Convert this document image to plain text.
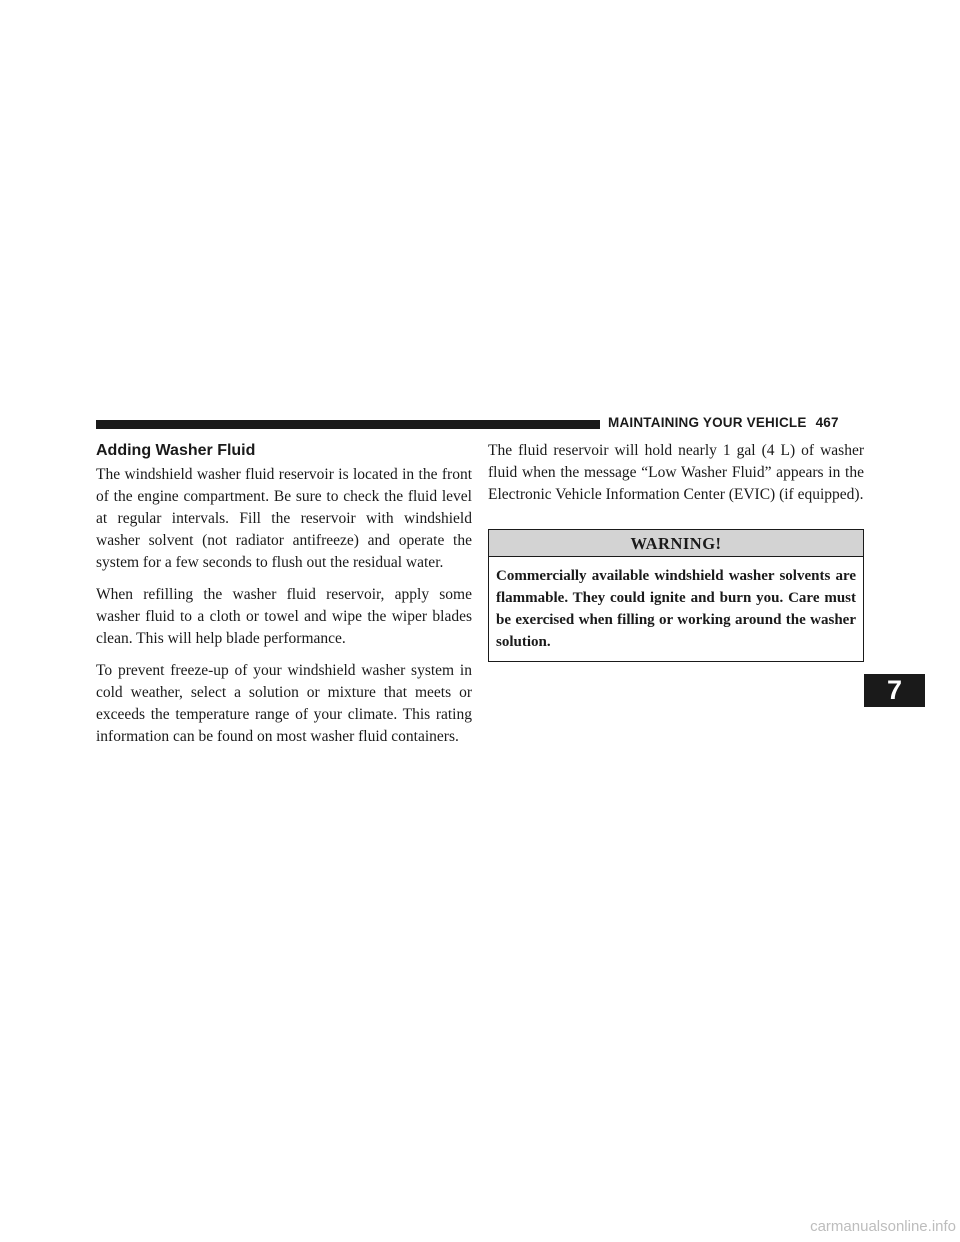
MAINTAINING YOUR VEHICLE 467
Adding Washer Fluid

The windshield washer fluid reservoir is located in the front of the engine compartment. Be sure to check the fluid level at regular intervals. Fill the reservoir with windshield washer solvent (not radiator antifreeze) and operate the system for a few seconds to flush out the residual water.

When refilling the washer fluid reservoir, apply some washer fluid to a cloth or towel and wipe the wiper blades clean. This will help blade performance.

To prevent freeze-up of your windshield washer system in cold weather, select a solution or mixture that meets or exceeds the temperature range of your climate. This rating information can be found on most washer fluid containers.

The fluid reservoir will hold nearly 1 gal (4 L) of washer fluid when the message “Low Washer Fluid” appears in the Electronic Vehicle Information Center (EVIC) (if equipped).

WARNING!
Commercially available windshield washer solvents are flammable. They could ignite and burn you. Care must be exercised when filling or working around the washer solution.
7
carmanualsonline.info
